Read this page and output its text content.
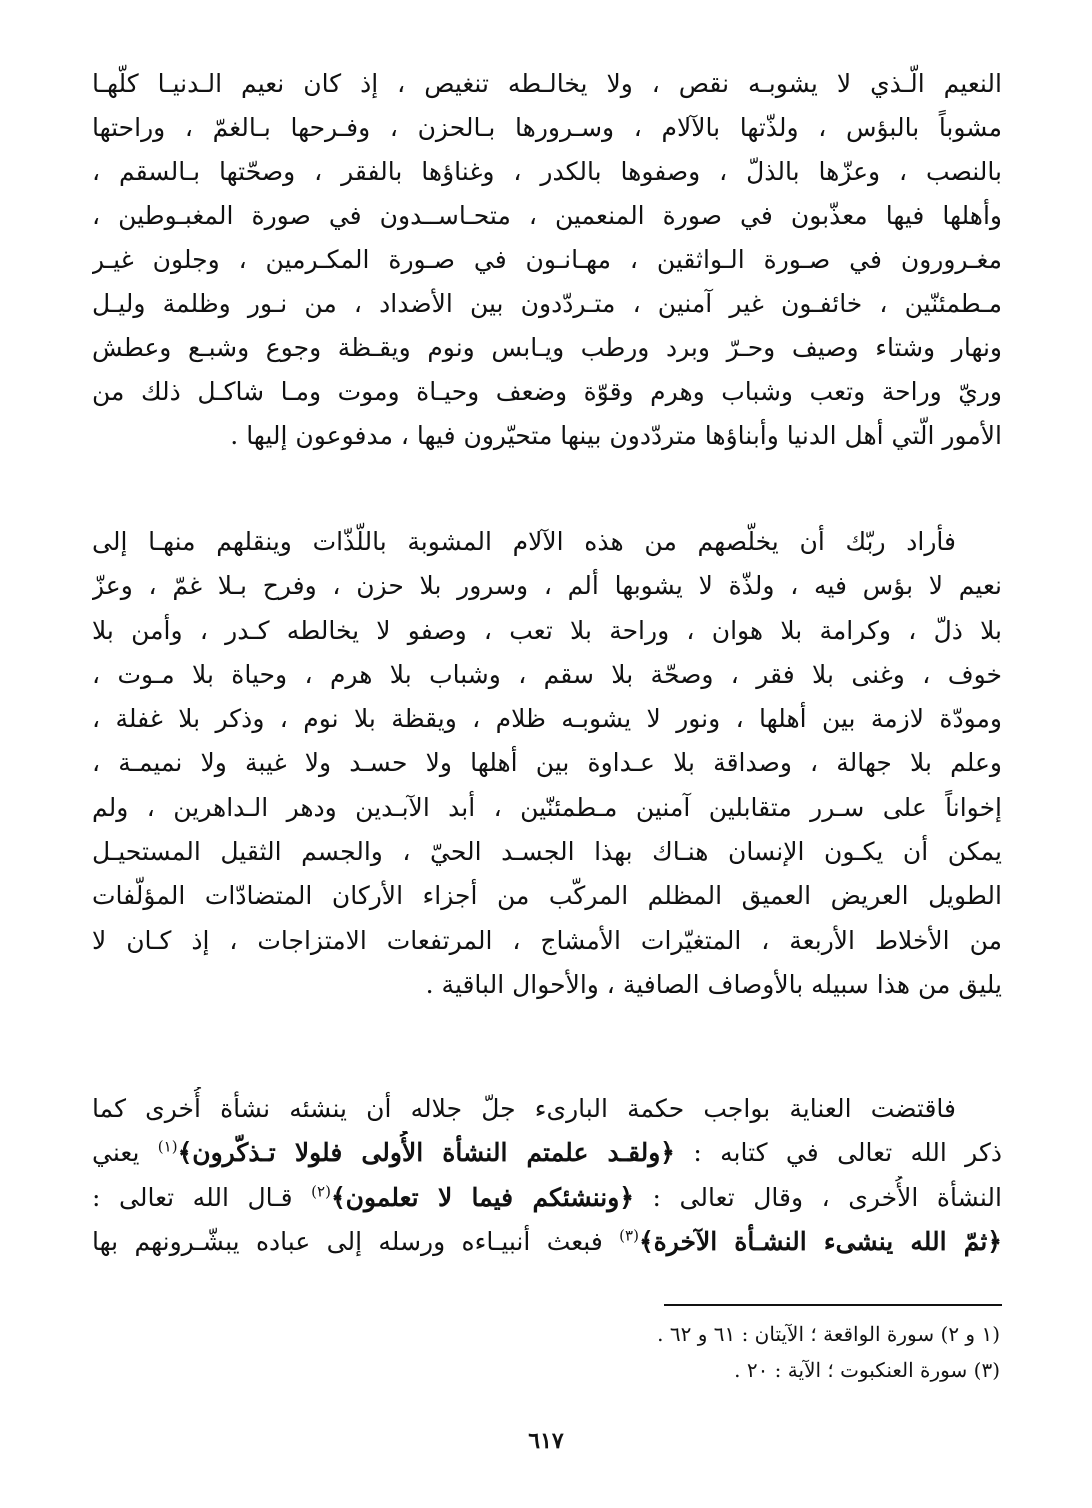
النعيم الّـذي لا يشوبـه نقص ، ولا يخالـطه تنغيص ، إذ كان نعيم الـدنيـا كلّهـا
مشوباً بالبؤس ، ولذّتها بالآلام ، وسـرورها بـالحزن ، وفـرحها بـالغمّ ، وراحتها
بالنصب ، وعزّها بالذلّ ، وصفوها بالكدر ، وغناؤها بالفقر ، وصحّتها بـالسقم ،
وأهلها فيها معذّبون في صورة المنعمين ، متحـاســدون في صورة المغبـوطين ،
مغـرورون في صـورة الـواثقين ، مهـانـون في صـورة المكـرمين ، وجلون غيـر
مـطمئنّين ، خائفـون غير آمنين ، متـردّدون بين الأضداد ، من نـور وظلمة وليـل
ونهار وشتاء وصيف وحـرّ وبرد ورطب ويـابس ونوم ويقـظة وجوع وشبـع وعطش
وريّ وراحة وتعب وشباب وهرم وقوّة وضعف وحيـاة وموت ومـا شاكـل ذلك من
الأمور الّتي أهل الدنيا وأبناؤها متردّدون بينها متحيّرون فيها ، مدفوعون إليها .
فأراد ربّك أن يخلّصهم من هذه الآلام المشوبة باللّذّات وينقلهم منهـا إلى
نعيم لا بؤس فيه ، ولذّة لا يشوبها ألم ، وسرور بلا حزن ، وفرح بـلا غمّ ، وعزّ
بلا ذلّ ، وكرامة بلا هوان ، وراحة بلا تعب ، وصفو لا يخالطه كـدر ، وأمن بلا
خوف ، وغنى بلا فقر ، وصحّة بلا سقم ، وشباب بلا هرم ، وحياة بلا مـوت ،
ومودّة لازمة بين أهلها ، ونور لا يشوبـه ظلام ، ويقظة بلا نوم ، وذكر بلا غفلة ،
وعلم بلا جهالة ، وصداقة بلا عـداوة بين أهلها ولا حسـد ولا غيبة ولا نميمـة ،
إخواناً على سـرر متقابلين آمنين مـطمئنّين ، أبد الآبـدين ودهر الـداهرين ، ولم
يمكن أن يكـون الإنسان هنـاك بهذا الجسـد الحيّ ، والجسم الثقيل المستحيـل
الطويل العريض العميق المظلم المركّب من أجزاء الأركان المتضادّات المؤلّفات
من الأخلاط الأربعة ، المتغيّرات الأمشاج ، المرتفعات الامتزاجات ، إذ كـان لا
يليق من هذا سبيله بالأوصاف الصافية ، والأحوال الباقية .
فاقتضت العناية بواجب حكمة البارىء جلّ جلاله أن ينشئه نشأة أُخرى كما
ذكر الله تعالى في كتابه : ﴿ولقـد علمتم النشأة الأُولى فلولا تـذكّرون﴾$^{(١)}$ يعني
النشأة الأُخرى ، وقال تعالى : ﴿وننشئكم فيما لا تعلمون﴾$^{(٢)}$ قـال الله تعالى :
﴿ثمّ الله ينشىء النشـأة الآخرة﴾$^{(٣)}$ فبعث أنبيـاءه ورسله إلى عباده يبشّـرونهم بها
(١ و ٢) سورة الواقعة ؛ الآيتان : ٦١ و ٦٢ .
(٣) سورة العنكبوت ؛ الآية : ٢٠ .
٦١٧
